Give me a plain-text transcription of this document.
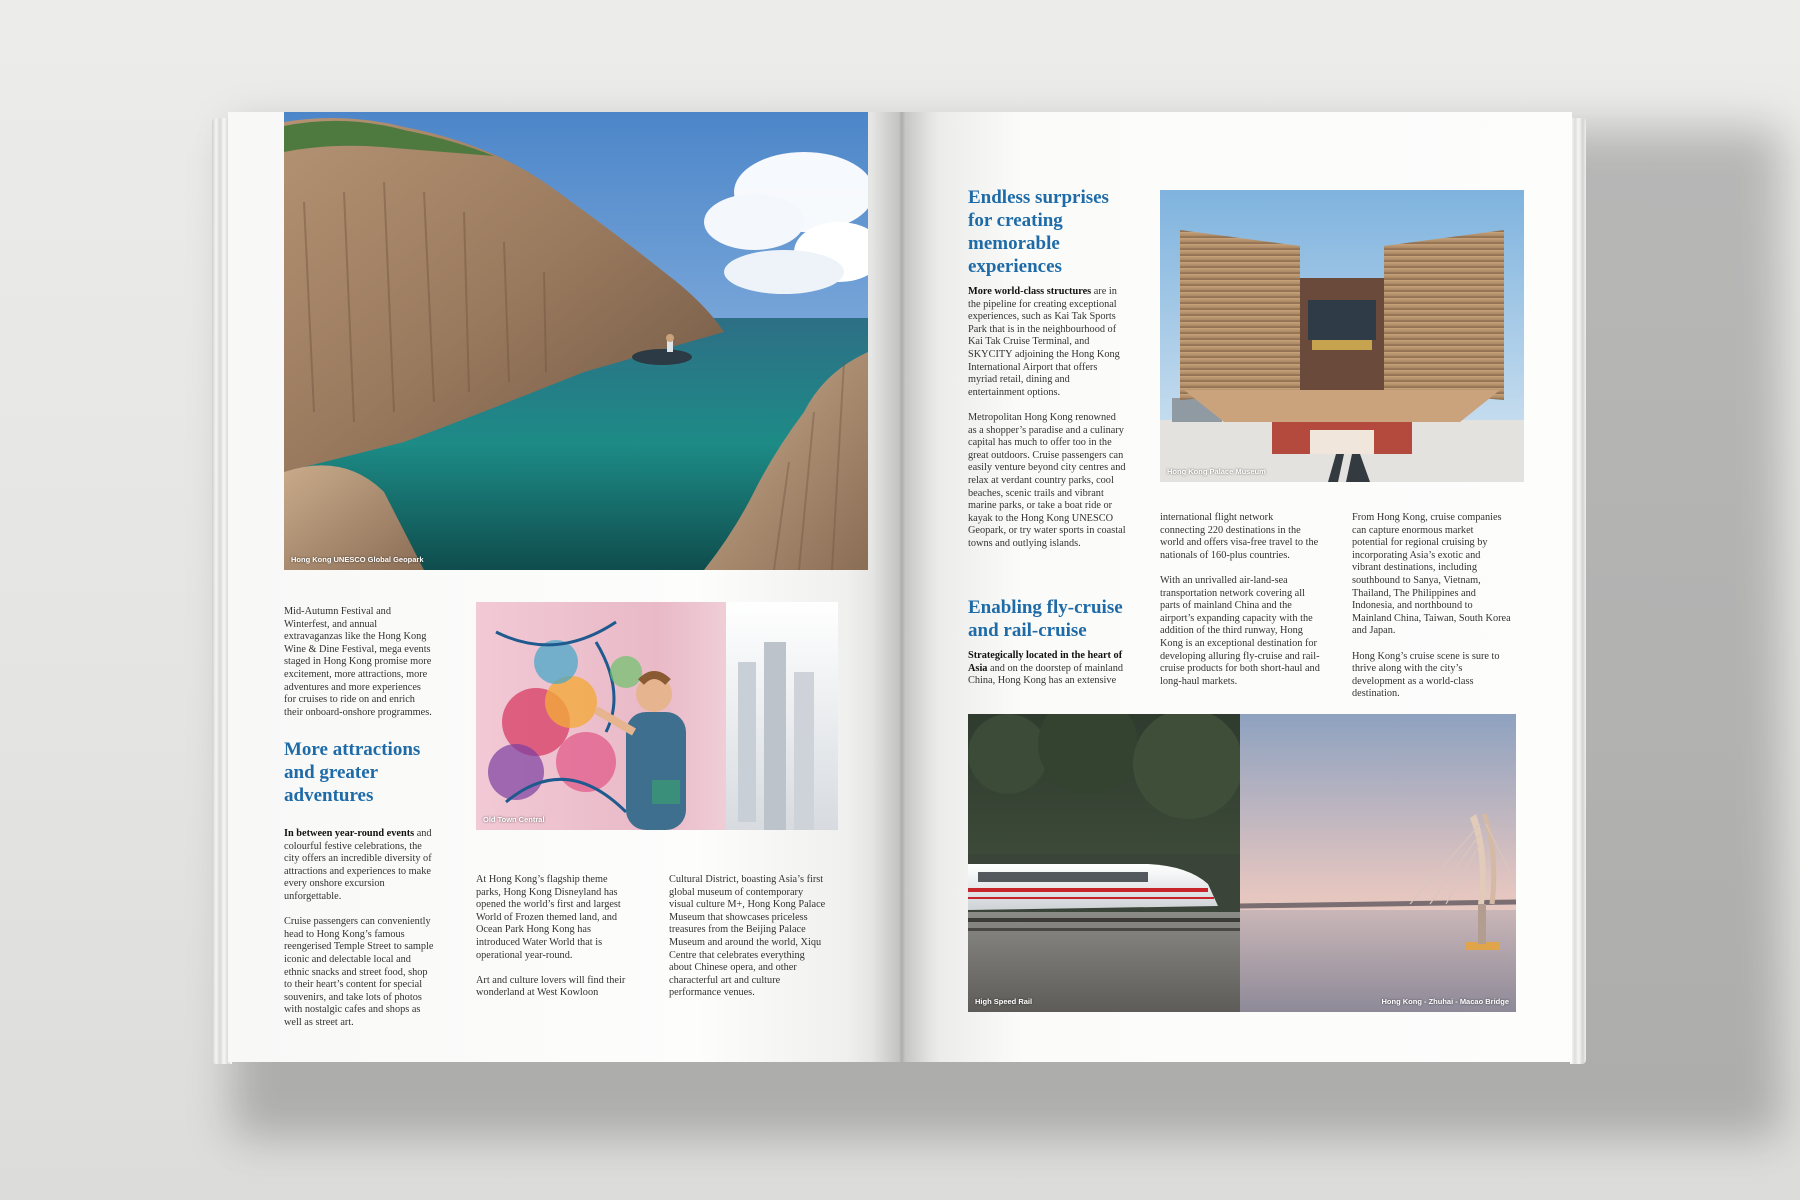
Hong Kong UNESCO Global Geopark

Mid-Autumn Festival and Winterfest, and annual extravaganzas like the Hong Kong Wine & Dine Festival, mega events staged in Hong Kong promise more excitement, more attractions, more adventures and more experiences for cruises to ride on and enrich their onboard-onshore programmes.

Old Town Central
More attractions
and greater
adventures

In between year-round events and colourful festive celebrations, the city offers an incredible diversity of attractions and experiences to make every onshore excursion unforgettable.

Cruise passengers can conveniently head to Hong Kong’s famous reengerised Temple Street to sample iconic and delectable local and ethnic snacks and street food, shop to their heart’s content for special souvenirs, and take lots of photos with nostalgic cafes and shops as well as street art.

At Hong Kong’s flagship theme parks, Hong Kong Disneyland has opened the world’s first and largest World of Frozen themed land, and Ocean Park Hong Kong has introduced Water World that is operational year-round.

Art and culture lovers will find their wonderland at West Kowloon

Cultural District, boasting Asia’s first global museum of contemporary visual culture M+, Hong Kong Palace Museum that showcases priceless treasures from the Beijing Palace Museum and around the world, Xiqu Centre that celebrates everything about Chinese opera, and other characterful art and culture performance venues.

Endless surprises
for creating
memorable
experiences

More world-class structures are in the pipeline for creating exceptional experiences, such as Kai Tak Sports Park that is in the neighbourhood of Kai Tak Cruise Terminal, and SKYCITY adjoining the Hong Kong International Airport that offers myriad retail, dining and entertainment options.

Metropolitan Hong Kong renowned as a shopper’s paradise and a culinary capital has much to offer too in the great outdoors. Cruise passengers can easily venture beyond city centres and relax at verdant country parks, cool beaches, scenic trails and vibrant marine parks, or take a boat ride or kayak to the Hong Kong UNESCO Geopark, or try water sports in coastal towns and outlying islands.

Hong Kong Palace Museum
Enabling fly-cruise
and rail-cruise

Strategically located in the heart of Asia and on the doorstep of mainland China, Hong Kong has an extensive

international flight network connecting 220 destinations in the world and offers visa-free travel to the nationals of 160-plus countries.

With an unrivalled air-land-sea transportation network covering all parts of mainland China and the airport’s expanding capacity with the addition of the third runway, Hong Kong is an exceptional destination for developing alluring fly-cruise and rail-cruise products for both short-haul and long-haul markets.

From Hong Kong, cruise companies can capture enormous market potential for regional cruising by incorporating Asia’s exotic and vibrant destinations, including southbound to Sanya, Vietnam, Thailand, The Philippines and Indonesia, and northbound to Mainland China, Taiwan, South Korea and Japan.

Hong Kong’s cruise scene is sure to thrive along with the city’s development as a world-class destination.

High Speed Rail	Hong Kong - Zhuhai - Macao Bridge
